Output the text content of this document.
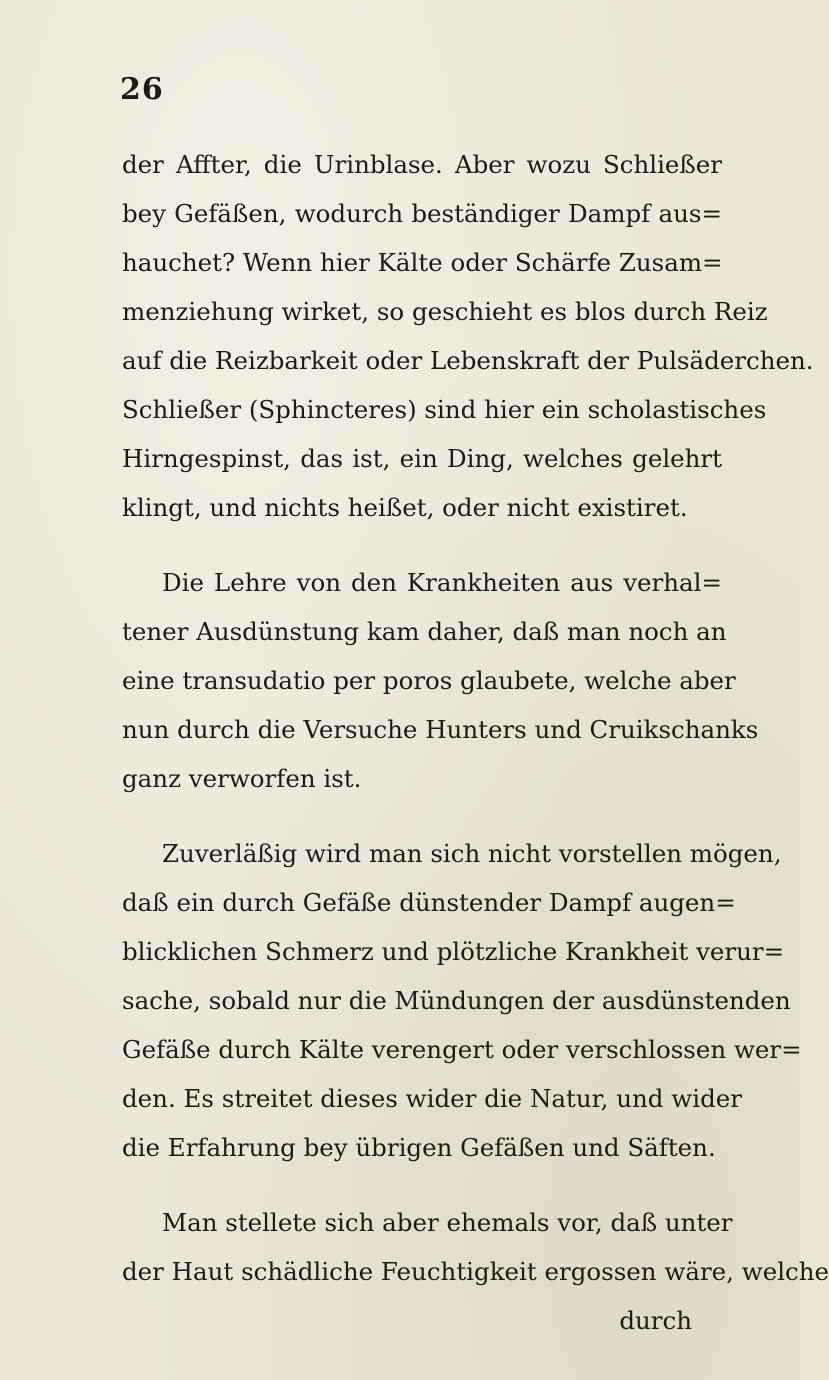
26
der Affter, die Urinblase. Aber wozu Schließer
bey Gefäßen, wodurch beständiger Dampf aus=
hauchet? Wenn hier Kälte oder Schärfe Zusam=
menziehung wirket, so geschieht es blos durch Reiz
auf die Reizbarkeit oder Lebenskraft der Pulsäderchen.
Schließer (Sphincteres) sind hier ein scholastisches
Hirngespinst, das ist, ein Ding, welches gelehrt
klingt, und nichts heißet, oder nicht existiret.
Die Lehre von den Krankheiten aus verhal=
tener Ausdünstung kam daher, daß man noch an
eine transudatio per poros glaubete, welche aber
nun durch die Versuche Hunters und Cruikschanks
ganz verworfen ist.
Zuverläßig wird man sich nicht vorstellen mögen,
daß ein durch Gefäße dünstender Dampf augen=
blicklichen Schmerz und plötzliche Krankheit verur=
sache, sobald nur die Mündungen der ausdünstenden
Gefäße durch Kälte verengert oder verschlossen wer=
den. Es streitet dieses wider die Natur, und wider
die Erfahrung bey übrigen Gefäßen und Säften.
Man stellete sich aber ehemals vor, daß unter
der Haut schädliche Feuchtigkeit ergossen wäre, welche
durch
